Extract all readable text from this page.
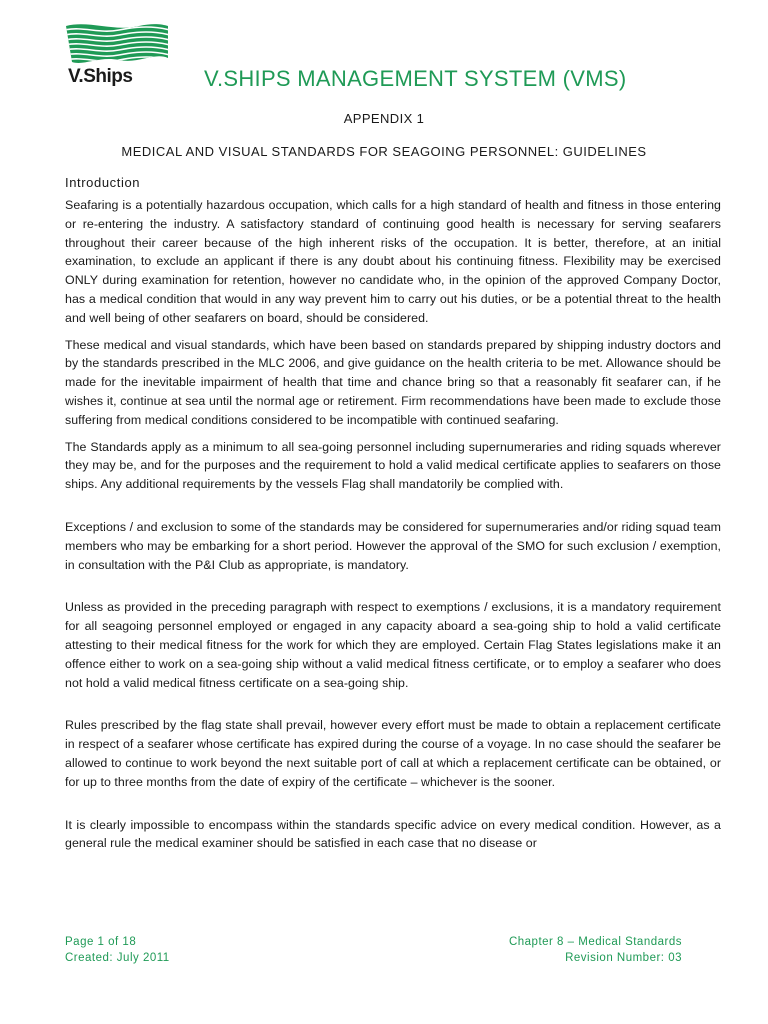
V.Ships	V.SHIPS MANAGEMENT SYSTEM (VMS)
APPENDIX 1
MEDICAL AND VISUAL STANDARDS FOR SEAGOING PERSONNEL: GUIDELINES
Introduction

Seafaring is a potentially hazardous occupation, which calls for a high standard of health and fitness in those entering or re-entering the industry. A satisfactory standard of continuing good health is necessary for serving seafarers throughout their career because of the high inherent risks of the occupation. It is better, therefore, at an initial examination, to exclude an applicant if there is any doubt about his continuing fitness. Flexibility may be exercised ONLY during examination for retention, however no candidate who, in the opinion of the approved Company Doctor, has a medical condition that would in any way prevent him to carry out his duties, or be a potential threat to the health and well being of other seafarers on board, should be considered.

These medical and visual standards, which have been based on standards prepared by shipping industry doctors and by the standards prescribed in the MLC 2006, and give guidance on the health criteria to be met. Allowance should be made for the inevitable impairment of health that time and chance bring so that a reasonably fit seafarer can, if he wishes it, continue at sea until the normal age or retirement. Firm recommendations have been made to exclude those suffering from medical conditions considered to be incompatible with continued seafaring.

The Standards apply as a minimum to all sea-going personnel including supernumeraries and riding squads wherever they may be, and for the purposes and the requirement to hold a valid medical certificate applies to seafarers on those ships. Any additional requirements by the vessels Flag shall mandatorily be complied with.

Exceptions / and exclusion to some of the standards may be considered for supernumeraries and/or riding squad team members who may be embarking for a short period. However the approval of the SMO for such exclusion / exemption, in consultation with the P&I Club as appropriate, is mandatory.

Unless as provided in the preceding paragraph with respect to exemptions / exclusions, it is a mandatory requirement for all seagoing personnel employed or engaged in any capacity aboard a sea-going ship to hold a valid certificate attesting to their medical fitness for the work for which they are employed. Certain Flag States legislations make it an offence either to work on a sea-going ship without a valid medical fitness certificate, or to employ a seafarer who does not hold a valid medical fitness certificate on a sea-going ship.

Rules prescribed by the flag state shall prevail, however every effort must be made to obtain a replacement certificate in respect of a seafarer whose certificate has expired during the course of a voyage. In no case should the seafarer be allowed to continue to work beyond the next suitable port of call at which a replacement certificate can be obtained, or for up to three months from the date of expiry of the certificate – whichever is the sooner.

It is clearly impossible to encompass within the standards specific advice on every medical condition. However, as a general rule the medical examiner should be satisfied in each case that no disease or

Page 1 of 18
Created: July 2011
Chapter 8 – Medical Standards
Revision Number: 03
